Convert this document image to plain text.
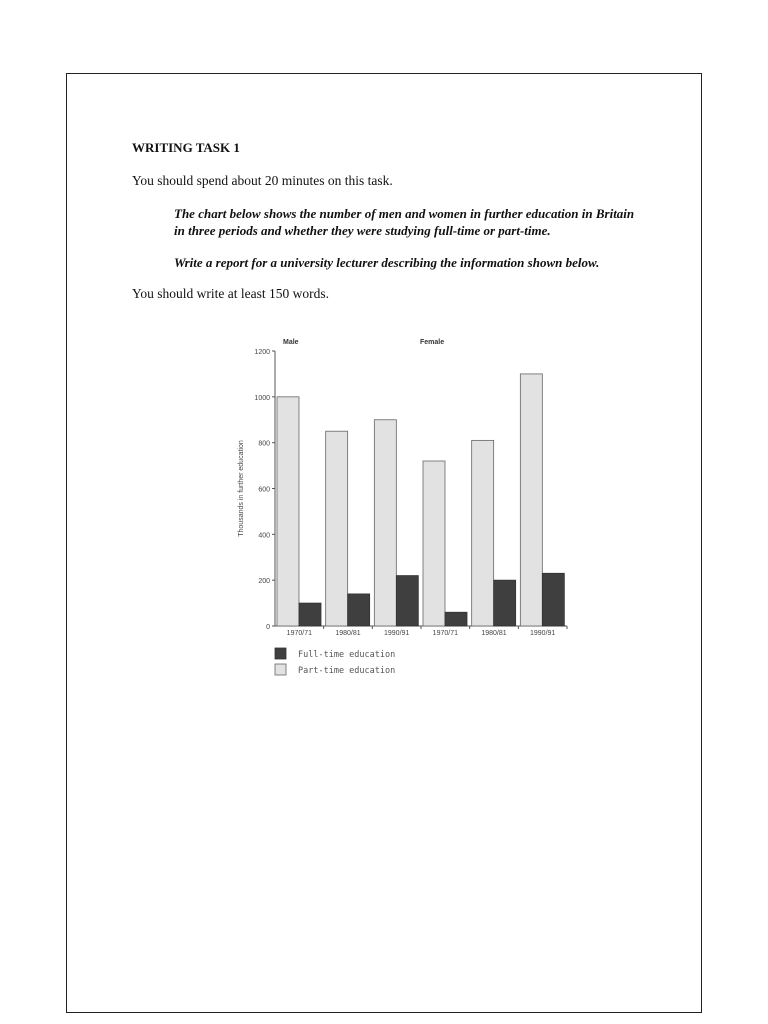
WRITING TASK 1
You should spend about 20 minutes on this task.
The chart below shows the number of men and women in further education in Britain in three periods and whether they were studying full-time or part-time.
Write a report for a university lecturer describing the information shown below.
You should write at least 150 words.
0
200
400
600
800
1000
1200
Thousands in further education
1970/71	1980/81	1990/91	1970/71	1980/81	1990/91
Male	Female
Full-time education
Part-time education
